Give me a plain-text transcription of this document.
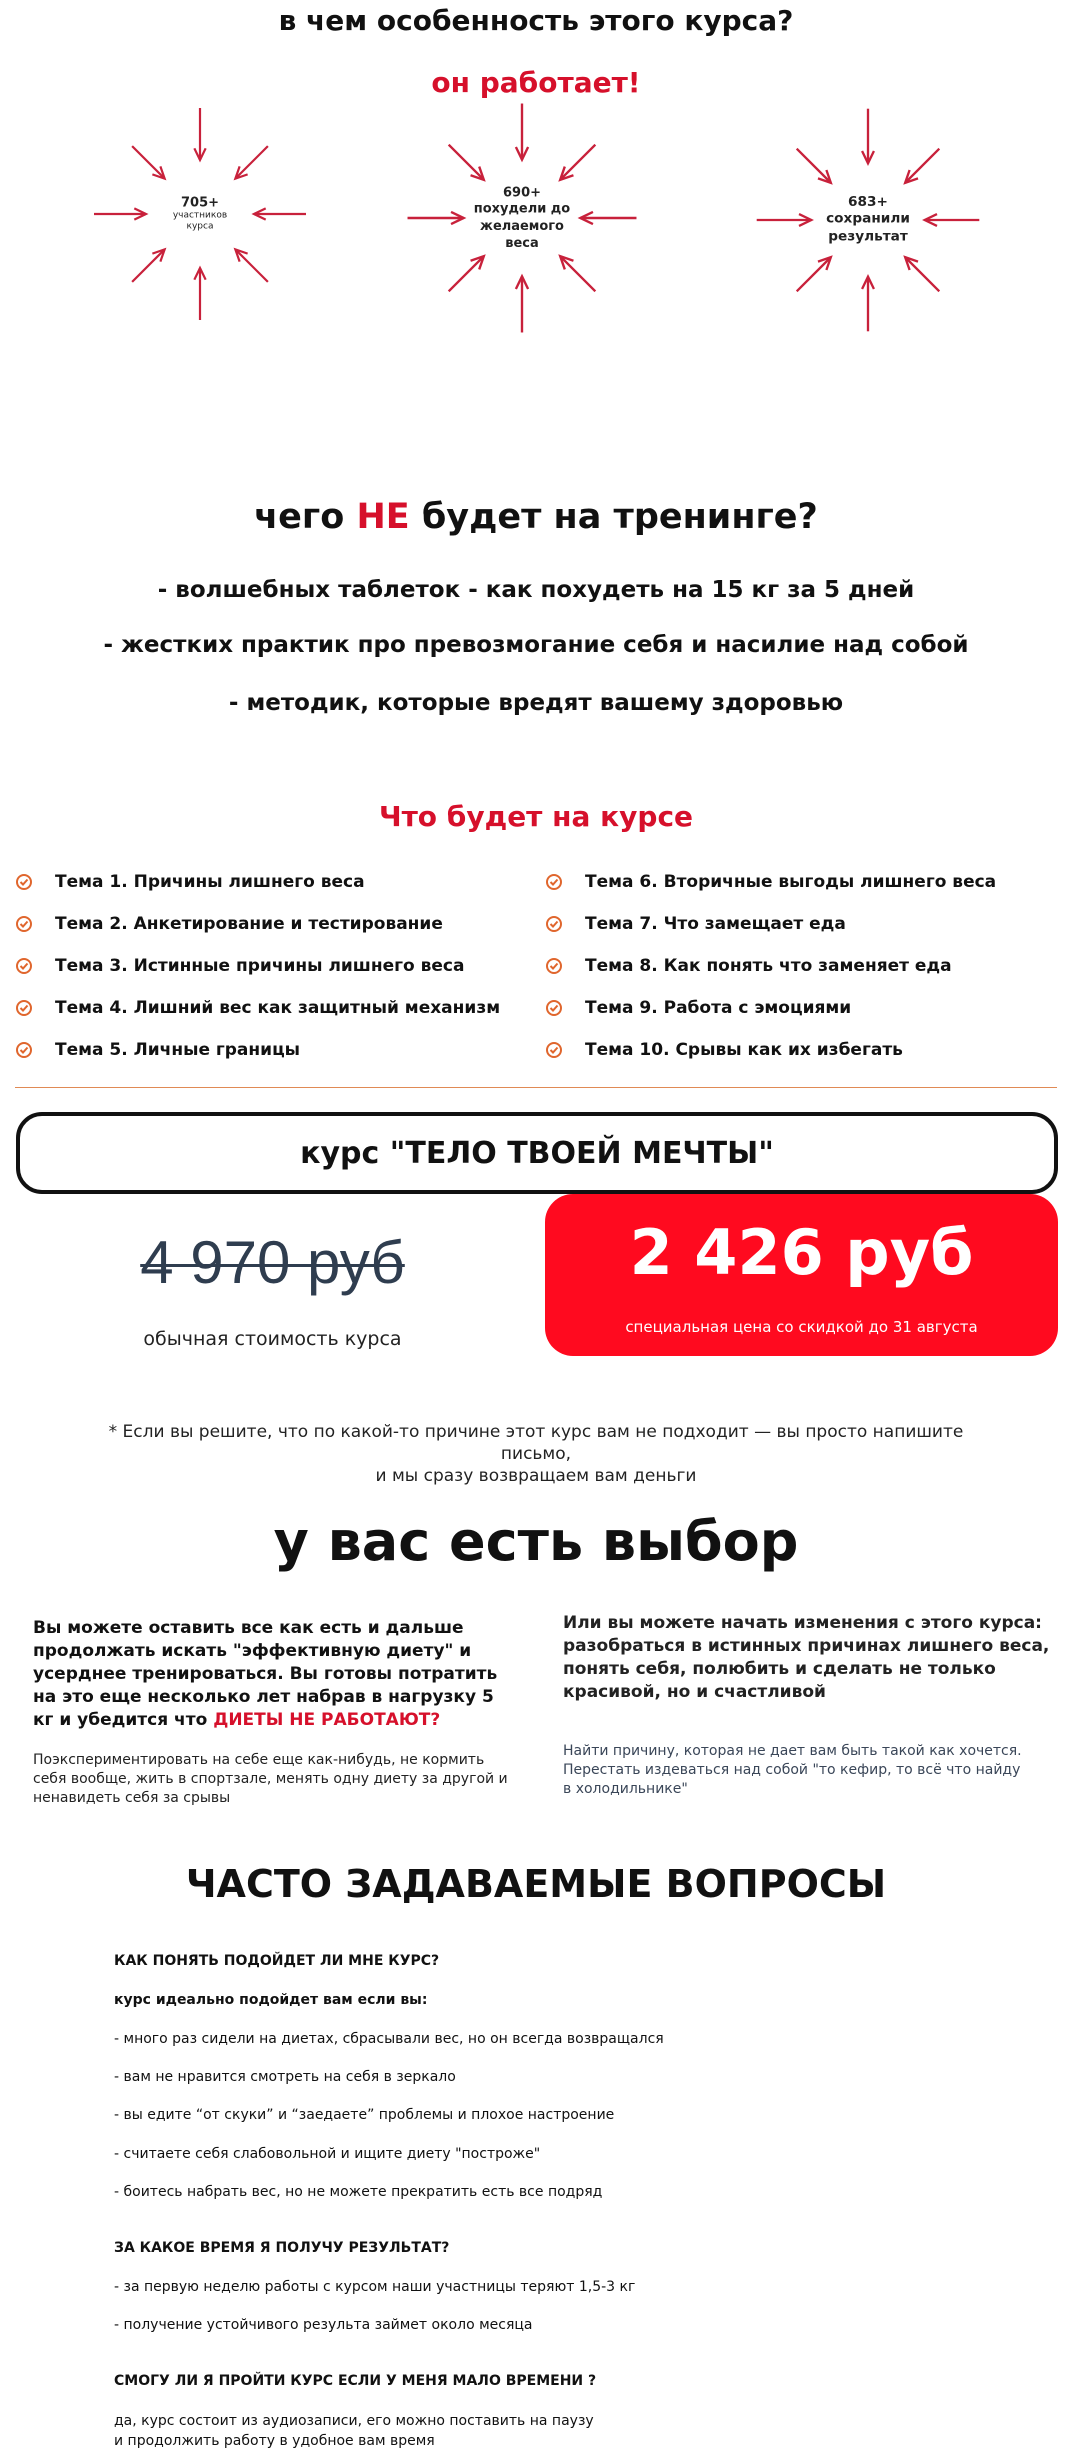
в чем особенность этого курса?
он работает!
705+
участников курса
690+
похудели до желаемого веса
683+
сохранили результат
чего НЕ будет на тренинге?
- волшебных таблеток - как похудеть на 15 кг за 5 дней
- жестких практик про превозмогание себя и насилие над собой
- методик, которые вредят вашему здоровью
Что будет на курсе
Тема 1. Причины лишнего веса
Тема 2. Анкетирование и тестирование
Тема 3. Истинные причины лишнего веса
Тема 4. Лишний вес как защитный механизм
Тема 5. Личные границы
Тема 6. Вторичные выгоды лишнего веса
Тема 7. Что замещает еда
Тема 8. Как понять что заменяет еда
Тема 9. Работа с эмоциями
Тема 10. Срывы как их избегать
курс "ТЕЛО ТВОЕЙ МЕЧТЫ"
4 970 руб
обычная стоимость курса
2 426 руб
специальная цена со скидкой до 31 августа
* Если вы решите, что по какой-то причине этот курс вам не подходит — вы просто напишите письмо,
и мы сразу возвращаем вам деньги
у вас есть выбор
Вы можете оставить все как есть и дальше продолжать искать "эффективную диету" и усерднее тренироваться. Вы готовы потратить на это еще несколько лет набрав в нагрузку 5 кг и убедится что ДИЕТЫ НЕ РАБОТАЮТ?
Поэкспериментировать на себе еще как-нибудь, не кормить себя вообще, жить в спортзале, менять одну диету за другой и ненавидеть себя за срывы
Или вы можете начать изменения с этого курса: разобраться в истинных причинах лишнего веса, понять себя, полюбить и сделать не только красивой, но и счастливой
Найти причину, которая не дает вам быть такой как хочется. Перестать издеваться над собой "то кефир, то всё что найду в холодильнике"
ЧАСТО ЗАДАВАЕМЫЕ ВОПРОСЫ
КАК ПОНЯТЬ ПОДОЙДЕТ ЛИ МНЕ КУРС?
курс идеально подойдет вам если вы:
- много раз сидели на диетах, сбрасывали вес, но он всегда возвращался
- вам не нравится смотреть на себя в зеркало
- вы едите “от скуки” и “заедаете” проблемы и плохое настроение
- считаете себя слабовольной и ищите диету "построже"
- боитесь набрать вес, но не можете прекратить есть все подряд
ЗА КАКОЕ ВРЕМЯ Я ПОЛУЧУ РЕЗУЛЬТАТ?
- за первую неделю работы с курсом наши участницы теряют 1,5-3 кг
- получение устойчивого результа займет около месяца
СМОГУ ЛИ Я ПРОЙТИ КУРС ЕСЛИ У МЕНЯ МАЛО ВРЕМЕНИ ?
да, курс состоит из аудиозаписи, его можно поставить на паузу
и продолжить работу в удобное вам время
